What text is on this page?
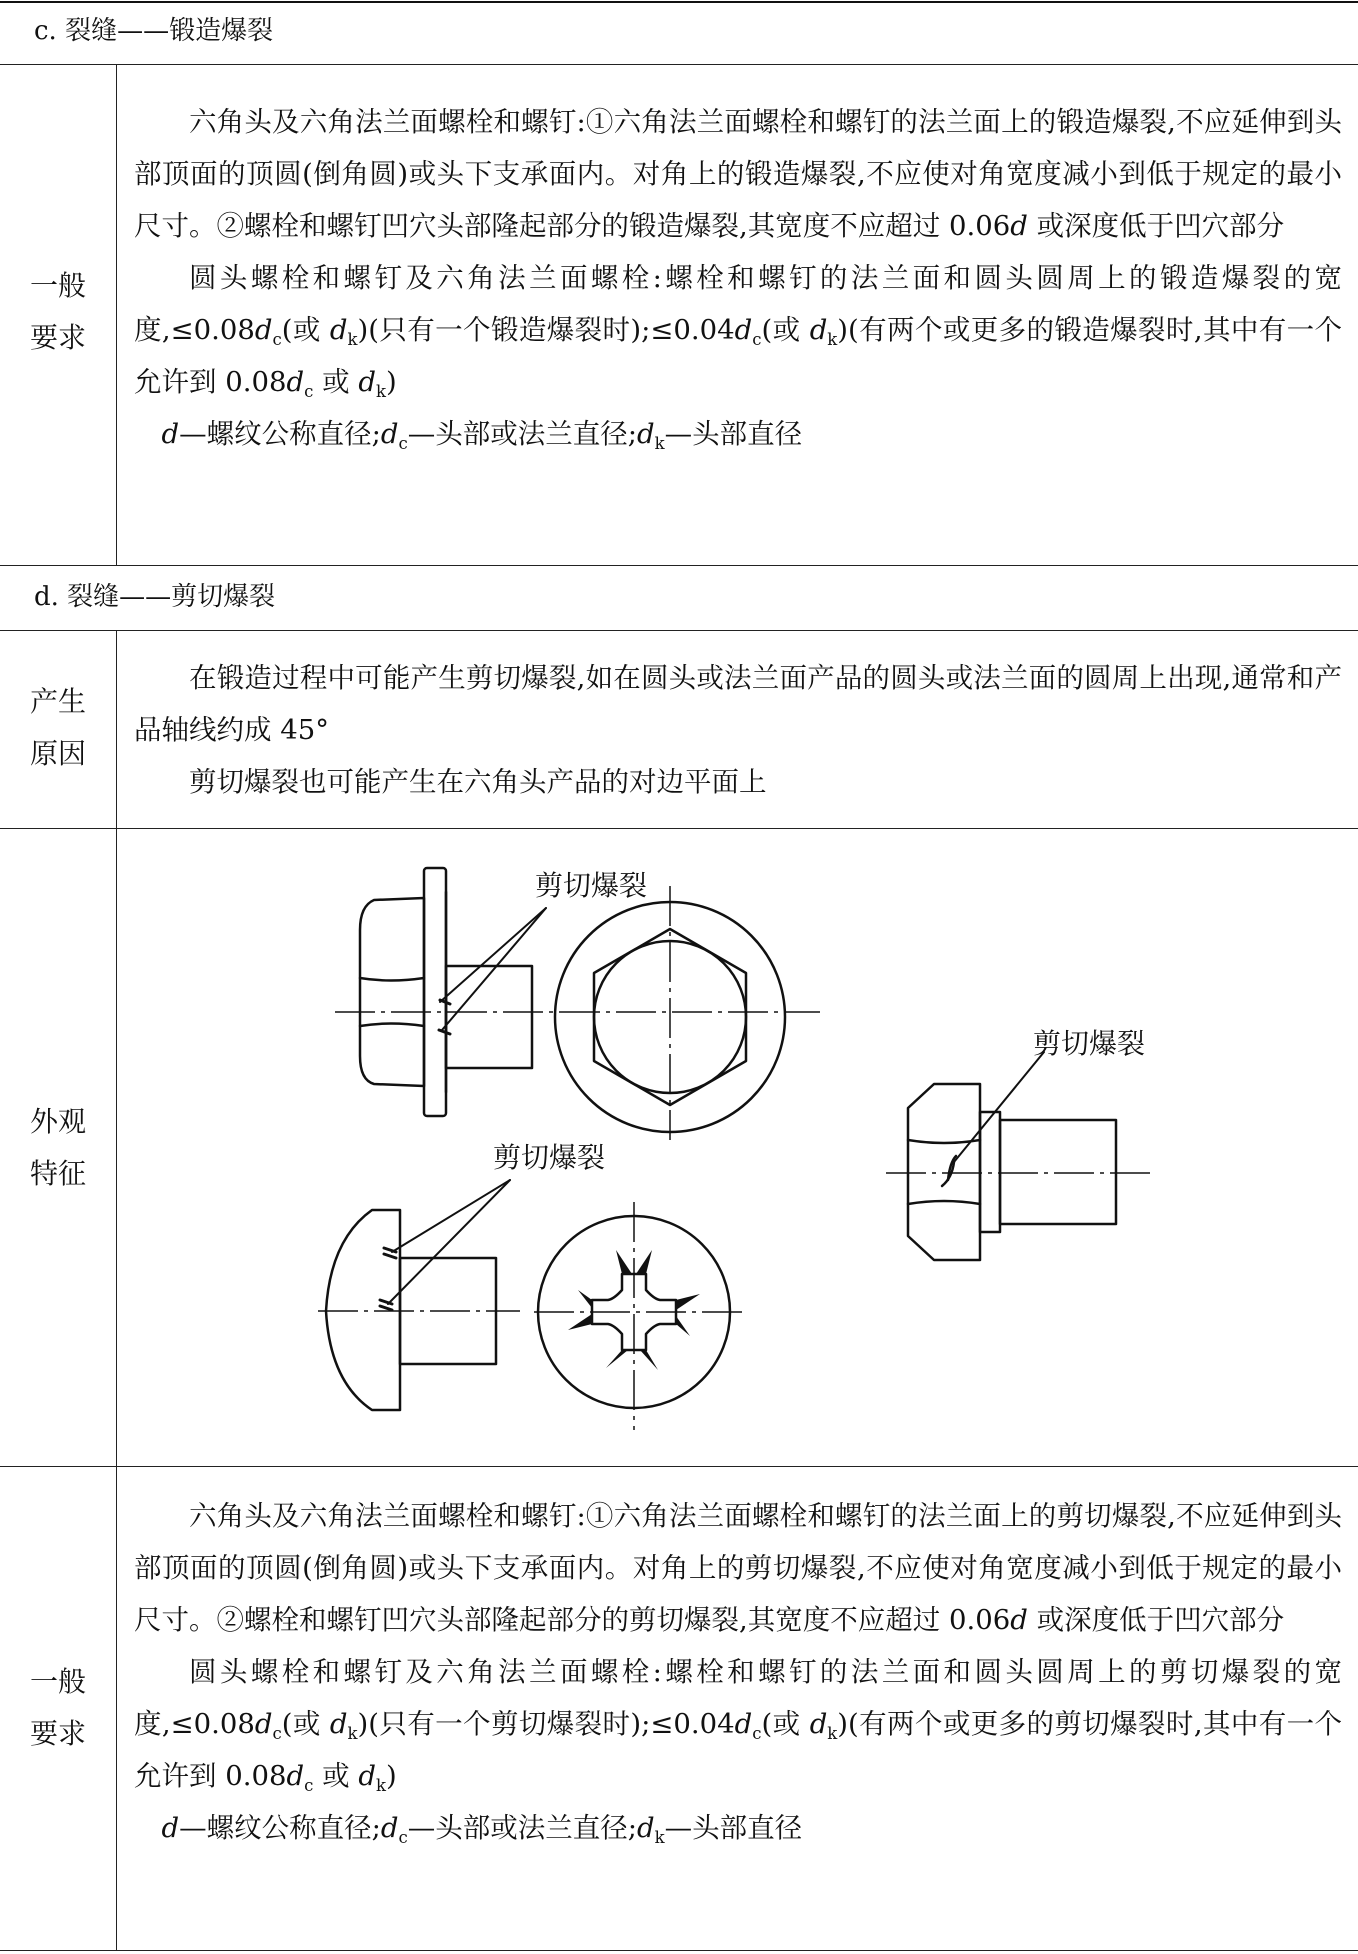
c. 裂缝——锻造爆裂
一般
要求

六角头及六角法兰面螺栓和螺钉:①六角法兰面螺栓和螺钉的法兰面上的锻造爆裂,不应延伸到头部顶面的顶圆(倒角圆)或头下支承面内。对角上的锻造爆裂,不应使对角宽度减小到低于规定的最小尺寸。②螺栓和螺钉凹穴头部隆起部分的锻造爆裂,其宽度不应超过 0.06d 或深度低于凹穴部分

圆头螺栓和螺钉及六角法兰面螺栓:螺栓和螺钉的法兰面和圆头圆周上的锻造爆裂的宽度$,\le 0.08d_c$(或 $d_k$)(只有一个锻造爆裂时)$;\le 0.04d_c$(或 $d_k$)(有两个或更多的锻造爆裂时,其中有一个允许到 $0.08d_c$ 或 $d_k$)

d—螺纹公称直径$;d_c—$头部或法兰直径$;d_k—$头部直径

d. 裂缝——剪切爆裂
产生
原因

在锻造过程中可能产生剪切爆裂,如在圆头或法兰面产品的圆头或法兰面的圆周上出现,通常和产品轴线约成 45°

剪切爆裂也可能产生在六角头产品的对边平面上

外观
特征
剪切爆裂
剪切爆裂
剪切爆裂
一般
要求

六角头及六角法兰面螺栓和螺钉:①六角法兰面螺栓和螺钉的法兰面上的剪切爆裂,不应延伸到头部顶面的顶圆(倒角圆)或头下支承面内。对角上的剪切爆裂,不应使对角宽度减小到低于规定的最小尺寸。②螺栓和螺钉凹穴头部隆起部分的剪切爆裂,其宽度不应超过 0.06d 或深度低于凹穴部分

圆头螺栓和螺钉及六角法兰面螺栓:螺栓和螺钉的法兰面和圆头圆周上的剪切爆裂的宽度$,\le 0.08d_c$(或 $d_k$)(只有一个剪切爆裂时)$;\le 0.04d_c$(或 $d_k$)(有两个或更多的剪切爆裂时,其中有一个允许到 $0.08d_c$ 或 $d_k$)

d—螺纹公称直径$;d_c—$头部或法兰直径$;d_k—$头部直径
